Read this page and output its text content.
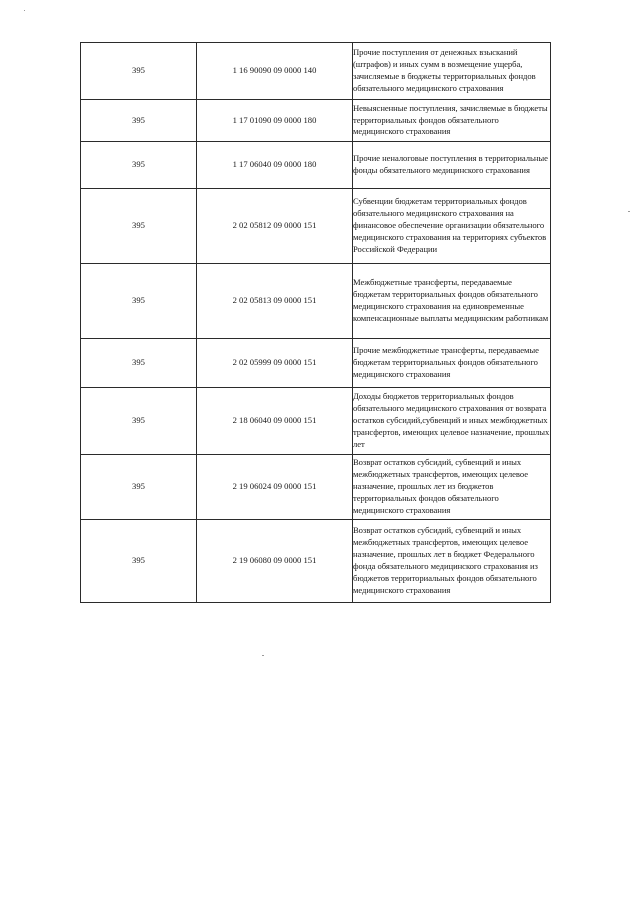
395	1 16 90090 09 0000 140	Прочие поступления от денежных взысканий (штрафов) и иных сумм в возмещение ущерба, зачисляемые в бюджеты территориальных фондов обязательного медицинского страхования
395	1 17 01090 09 0000 180	Невыясненные поступления, зачисляемые в бюджеты территориальных фондов обязательного медицинского страхования
395	1 17 06040 09 0000 180	Прочие неналоговые поступления в территориальные фонды обязательного медицинского страхования
395	2 02 05812 09 0000 151	Субвенции бюджетам территориальных фондов обязательного медицинского страхования на финансовое обеспечение организации обязательного медицинского страхования на территориях субъектов Российской Федерации
395	2 02 05813 09 0000 151	Межбюджетные трансферты, передаваемые бюджетам территориальных фондов обязательного медицинского страхования на единовременные компенсационные выплаты медицинским работникам
395	2 02 05999 09 0000 151	Прочие межбюджетные трансферты, передаваемые бюджетам территориальных фондов обязательного медицинского страхования
395	2 18 06040 09 0000 151	Доходы бюджетов территориальных фондов обязательного медицинского страхования от возврата остатков субсидий,субвенций и иных межбюджетных трансфертов, имеющих целевое назначение, прошлых лет
395	2 19 06024 09 0000 151	Возврат остатков субсидий, субвенций и иных межбюджетных трансфертов, имеющих целевое назначение, прошлых лет из бюджетов территориальных фондов обязательного медицинского страхования
395	2 19 06080 09 0000 151	Возврат остатков субсидий, субвенций и иных межбюджетных трансфертов, имеющих целевое назначение, прошлых лет в бюджет Федерального фонда обязательного медицинского страхования из бюджетов территориальных фондов обязательного медицинского страхования
